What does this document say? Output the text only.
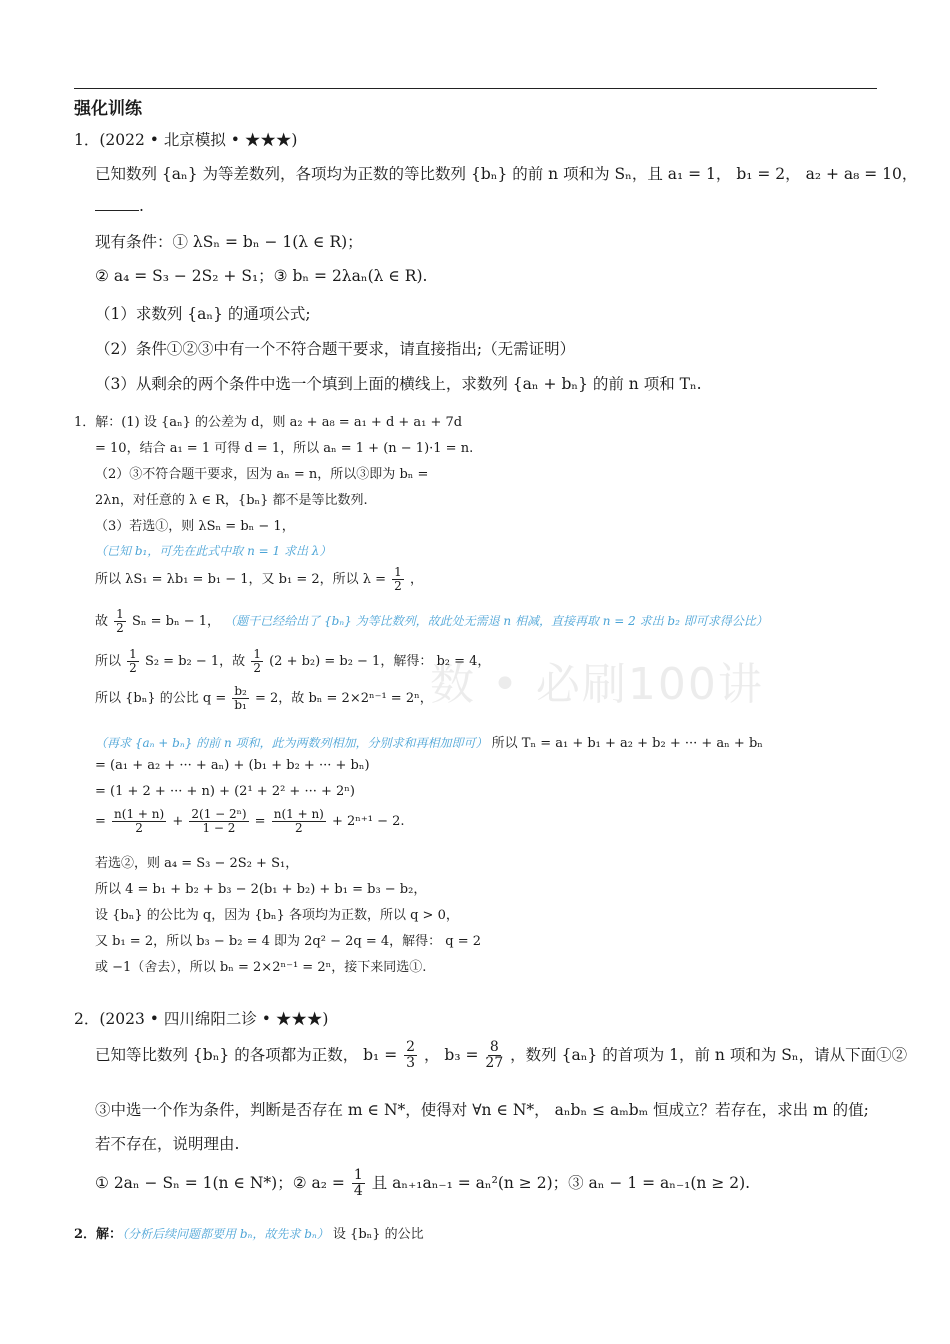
数 • 必刷100讲
强化训练
1．(2022 • 北京模拟 • ★★★)
已知数列 {aₙ} 为等差数列，各项均为正数的等比数列 {bₙ} 的前 n 项和为 Sₙ，且 a₁ = 1， b₁ = 2， a₂ + a₈ = 10，
.
现有条件：① λSₙ = bₙ − 1(λ ∈ R)；
② a₄ = S₃ − 2S₂ + S₁；③ bₙ = 2λaₙ(λ ∈ R).
（1）求数列 {aₙ} 的通项公式;
（2）条件①②③中有一个不符合题干要求，请直接指出;（无需证明）
（3）从剩余的两个条件中选一个填到上面的横线上，求数列 {aₙ + bₙ} 的前 n 项和 Tₙ.
1．解：(1) 设 {aₙ} 的公差为 d，则 a₂ + a₈ = a₁ + d + a₁ + 7d
= 10，结合 a₁ = 1 可得 d = 1，所以 aₙ = 1 + (n − 1)·1 = n.
（2）③不符合题干要求，因为 aₙ = n，所以③即为 bₙ =
2λn，对任意的 λ ∈ R，{bₙ} 都不是等比数列.
（3）若选①，则 λSₙ = bₙ − 1，
（已知 b₁，可先在此式中取 n = 1 求出 λ）
所以 λS₁ = λb₁ = b₁ − 1，又 b₁ = 2，所以 $\lambda = \frac{1}{2}$ ，
故 $\frac{1}{2}$ Sₙ = bₙ − 1， （题干已经给出了 {bₙ} 为等比数列，故此处无需退 n 相减，直接再取 n = 2 求出 b₂ 即可求得公比）
所以 $\frac{1}{2} S_2 = b_2 - 1$，故 $\frac{1}{2} (2 + b_2) = b_2 - 1$，解得： b₂ = 4，
所以 {bₙ} 的公比 $q = \frac{\text{b₂}}{\text{b₁}} = 2$，故 bₙ = 2×2ⁿ⁻¹ = 2ⁿ，
（再求 {aₙ + bₙ} 的前 n 项和，此为两数列相加，分别求和再相加即可） 所以 Tₙ = a₁ + b₁ + a₂ + b₂ + ··· + aₙ + bₙ
= (a₁ + a₂ + ··· + aₙ) + (b₁ + b₂ + ··· + bₙ)
= (1 + 2 + ··· + n) + (2¹ + 2² + ··· + 2ⁿ)
= $\frac{n(1 + n)}{2} + \frac{\text{2(1 − 2ⁿ)}}{1 - 2} = \frac{n(1 + n)}{2} + 2^{n+1} - 2$.
若选②，则 a₄ = S₃ − 2S₂ + S₁，
所以 4 = b₁ + b₂ + b₃ − 2(b₁ + b₂) + b₁ = b₃ − b₂，
设 {bₙ} 的公比为 q，因为 {bₙ} 各项均为正数，所以 q > 0，
又 b₁ = 2，所以 b₃ − b₂ = 4 即为 2q² − 2q = 4，解得： q = 2
或 −1（舍去），所以 bₙ = 2×2ⁿ⁻¹ = 2ⁿ，接下来同选①.
2．(2023 • 四川绵阳二诊 • ★★★)
已知等比数列 {bₙ} 的各项都为正数， $b_1 = \frac{2}{3}$ ， $b_3 = \frac{8}{27}$ ，数列 {aₙ} 的首项为 1，前 n 项和为 Sₙ，请从下面①②
③中选一个作为条件，判断是否存在 m ∈ N*，使得对 ∀n ∈ N*， aₙbₙ ≤ aₘbₘ 恒成立？若存在，求出 m 的值;
若不存在，说明理由.
① 2aₙ − Sₙ = 1(n ∈ N*)；② $a_2 = \frac{1}{4}$ 且 aₙ₊₁aₙ₋₁ = aₙ²(n ≥ 2)；③ aₙ − 1 = aₙ₋₁(n ≥ 2).
2．解：（分析后续问题都要用 bₙ，故先求 bₙ） 设 {bₙ} 的公比
